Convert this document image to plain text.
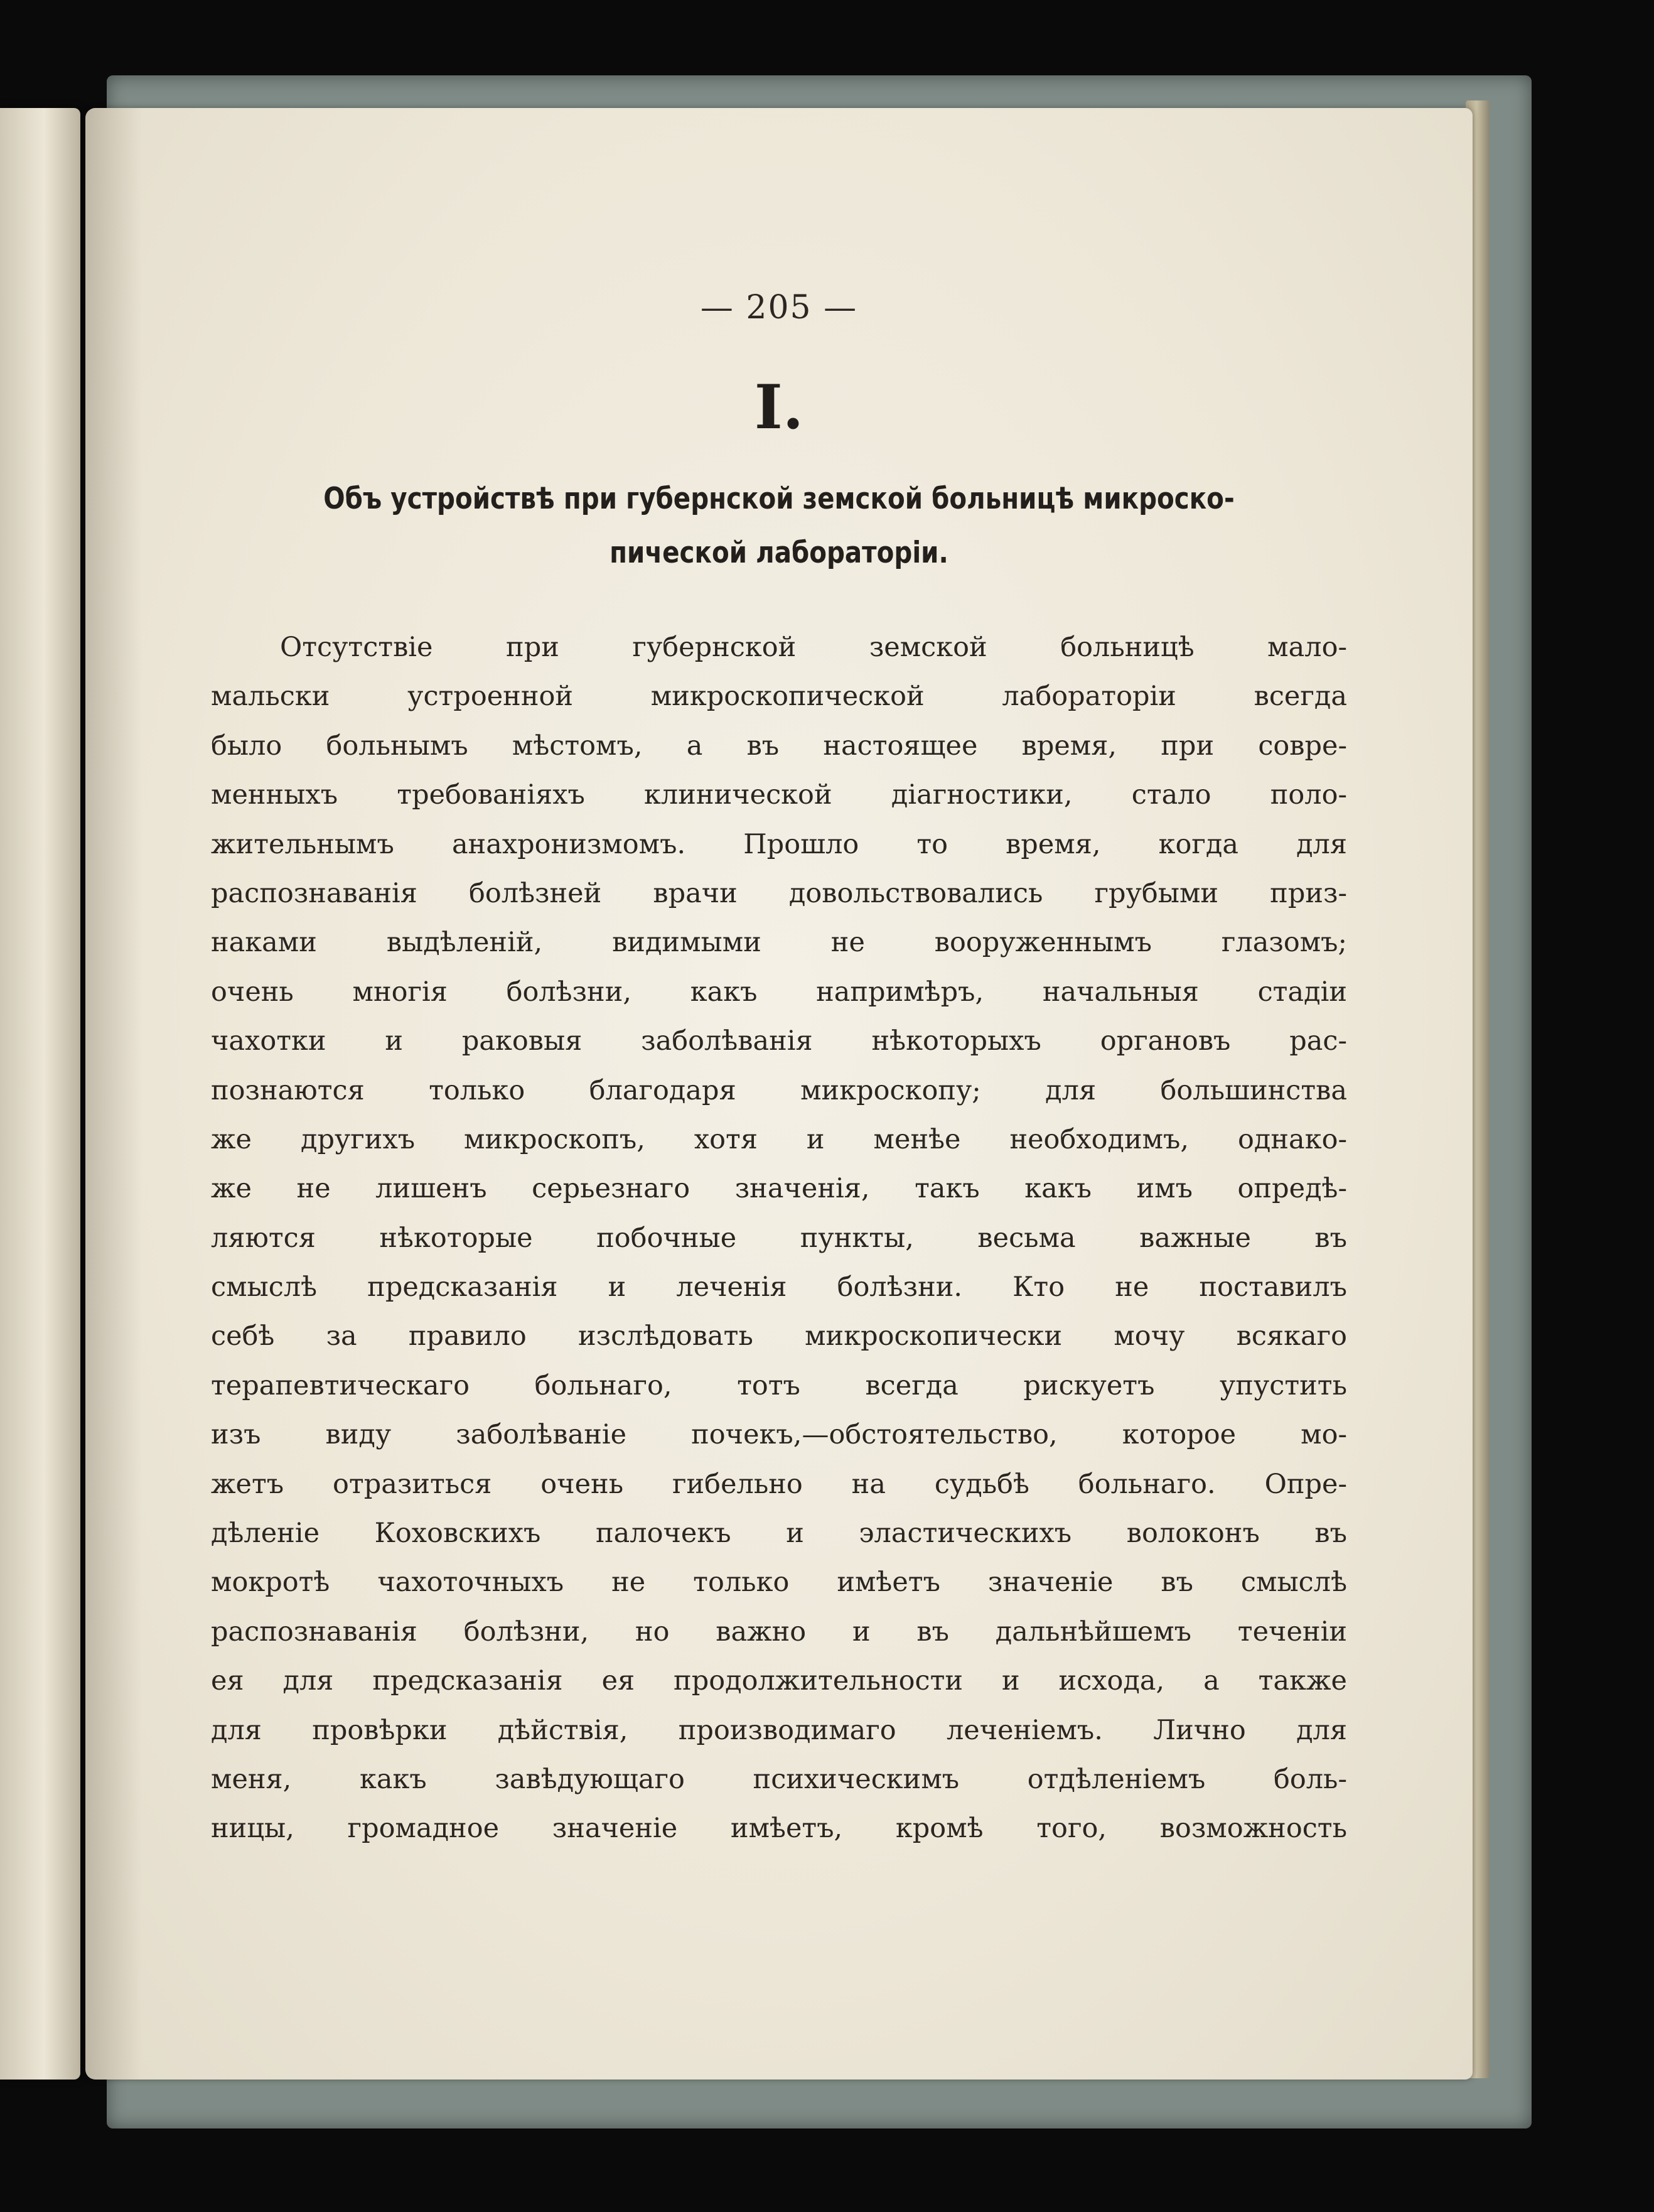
— 205 —
I.
Объ устройствѣ при губернской земской больницѣ микроско-
пической лабораторіи.
Отсутствіе при губернской земской больницѣ мало-
мальски устроенной микроскопической лабораторіи всегда
было больнымъ мѣстомъ, а въ настоящее время, при совре-
менныхъ требованіяхъ клинической діагностики, стало поло-
жительнымъ анахронизмомъ. Прошло то время, когда для
распознаванія болѣзней врачи довольствовались грубыми приз-
наками выдѣленій, видимыми не вооруженнымъ глазомъ;
очень многія болѣзни, какъ напримѣръ, начальныя стадіи
чахотки и раковыя заболѣванія нѣкоторыхъ органовъ рас-
познаются только благодаря микроскопу; для большинства
же другихъ микроскопъ, хотя и менѣе необходимъ, однако-
же не лишенъ серьезнаго значенія, такъ какъ имъ опредѣ-
ляются нѣкоторые побочные пункты, весьма важные въ
смыслѣ предсказанія и леченія болѣзни. Кто не поставилъ
себѣ за правило изслѣдовать микроскопически мочу всякаго
терапевтическаго больнаго, тотъ всегда рискуетъ упустить
изъ виду заболѣваніе почекъ,—обстоятельство, которое мо-
жетъ отразиться очень гибельно на судьбѣ больнаго. Опре-
дѣленіе Коховскихъ палочекъ и эластическихъ волоконъ въ
мокротѣ чахоточныхъ не только имѣетъ значеніе въ смыслѣ
распознаванія болѣзни, но важно и въ дальнѣйшемъ теченіи
ея для предсказанія ея продолжительности и исхода, а также
для провѣрки дѣйствія, производимаго леченіемъ. Лично для
меня, какъ завѣдующаго психическимъ отдѣленіемъ боль-
ницы, громадное значеніе имѣетъ, кромѣ того, возможность
